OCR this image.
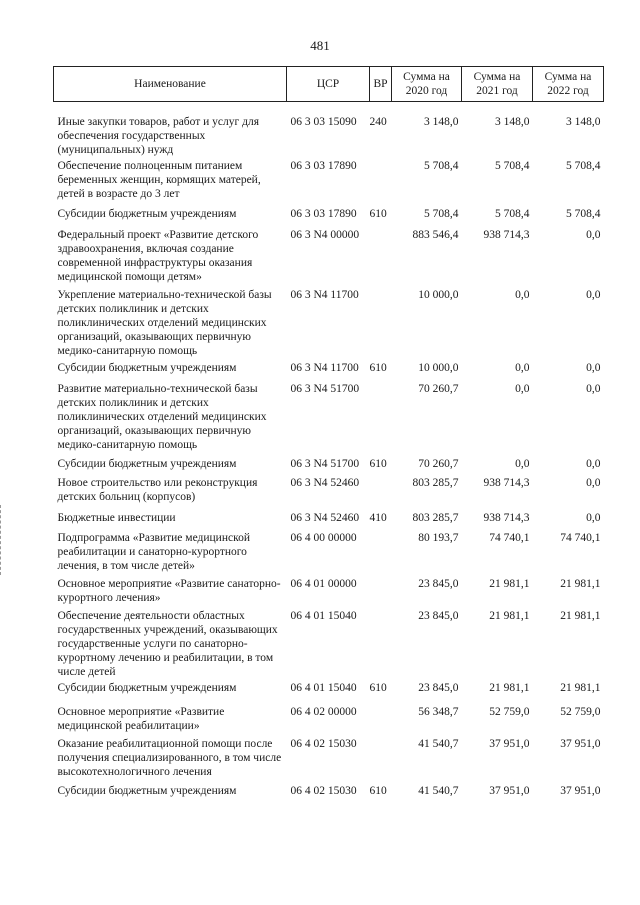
481
Наименование	ЦСР	ВР	Сумма на 2020 год	Сумма на 2021 год	Сумма на 2022 год
Иные закупки товаров, работ и услуг для обеспечения государственных (муниципальных) нужд	06 3 03 15090	240	3 148,0	3 148,0	3 148,0
Обеспечение полноценным питанием беременных женщин, кормящих матерей, детей в возрасте до 3 лет	06 3 03 17890		5 708,4	5 708,4	5 708,4
Субсидии бюджетным учреждениям	06 3 03 17890	610	5 708,4	5 708,4	5 708,4
Федеральный проект «Развитие детского здравоохранения, включая создание современной инфраструктуры оказания медицинской помощи детям»	06 3 N4 00000		883 546,4	938 714,3	0,0
Укрепление материально-технической базы детских поликлиник и детских поликлинических отделений медицинских организаций, оказывающих первичную медико-санитарную помощь	06 3 N4 11700		10 000,0	0,0	0,0
Субсидии бюджетным учреждениям	06 3 N4 11700	610	10 000,0	0,0	0,0
Развитие материально-технической базы детских поликлиник и детских поликлинических отделений медицинских организаций, оказывающих первичную медико-санитарную помощь	06 3 N4 51700		70 260,7	0,0	0,0
Субсидии бюджетным учреждениям	06 3 N4 51700	610	70 260,7	0,0	0,0
Новое строительство или реконструкция детских больниц (корпусов)	06 3 N4 52460		803 285,7	938 714,3	0,0
Бюджетные инвестиции	06 3 N4 52460	410	803 285,7	938 714,3	0,0
Подпрограмма «Развитие медицинской реабилитации и санаторно-курортного лечения, в том числе детей»	06 4 00 00000		80 193,7	74 740,1	74 740,1
Основное мероприятие «Развитие санаторно-курортного лечения»	06 4 01 00000		23 845,0	21 981,1	21 981,1
Обеспечение деятельности областных государственных учреждений, оказывающих государственные услуги по санаторно-курортному лечению и реабилитации, в том числе детей	06 4 01 15040		23 845,0	21 981,1	21 981,1
Субсидии бюджетным учреждениям	06 4 01 15040	610	23 845,0	21 981,1	21 981,1
Основное мероприятие «Развитие медицинской реабилитации»	06 4 02 00000		56 348,7	52 759,0	52 759,0
Оказание реабилитационной помощи после получения специализированного, в том числе высокотехнологичного лечения	06 4 02 15030		41 540,7	37 951,0	37 951,0
Субсидии бюджетным учреждениям	06 4 02 15030	610	41 540,7	37 951,0	37 951,0
